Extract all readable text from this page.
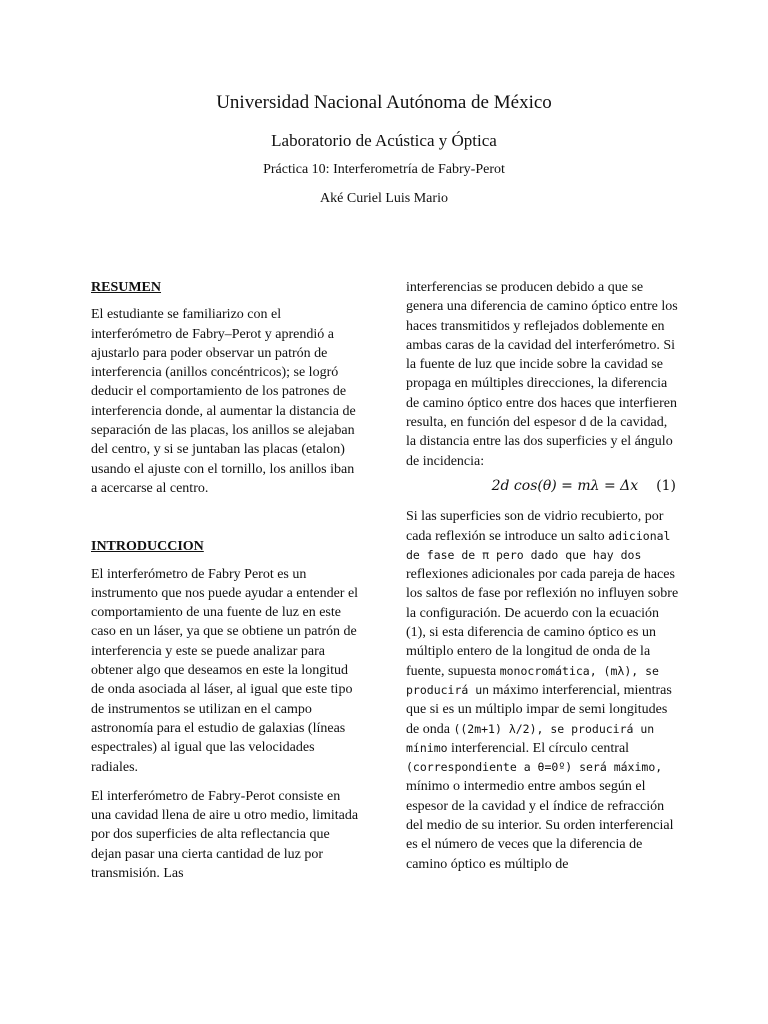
Universidad Nacional Autónoma de México
Laboratorio de Acústica y Óptica
Práctica 10: Interferometría de Fabry-Perot
Aké Curiel Luis Mario

RESUMEN

El estudiante se familiarizo con el interferómetro de Fabry–Perot y aprendió a ajustarlo para poder observar un patrón de interferencia (anillos concéntricos); se logró deducir el comportamiento de los patrones de interferencia donde, al aumentar la distancia de separación de las placas, los anillos se alejaban del centro, y si se juntaban las placas (etalon) usando el ajuste con el tornillo, los anillos iban a acercarse al centro.

INTRODUCCION

El interferómetro de Fabry Perot es un instrumento que nos puede ayudar a entender el comportamiento de una fuente de luz en este caso en un láser, ya que se obtiene un patrón de interferencia y este se puede analizar para obtener algo que deseamos en este la longitud de onda asociada al láser, al igual que este tipo de instrumentos se utilizan en el campo astronomía para el estudio de galaxias (líneas espectrales) al igual que las velocidades radiales.

El interferómetro de Fabry-Perot consiste en una cavidad llena de aire u otro medio, limitada por dos superficies de alta reflectancia que dejan pasar una cierta cantidad de luz por transmisión. Las

interferencias se producen debido a que se genera una diferencia de camino óptico entre los haces transmitidos y reflejados doblemente en ambas caras de la cavidad del interferómetro. Si la fuente de luz que incide sobre la cavidad se propaga en múltiples direcciones, la diferencia de camino óptico entre dos haces que interfieren resulta, en función del espesor d de la cavidad, la distancia entre las dos superficies y el ángulo de incidencia:

2d cos(θ) = mλ = Δx (1)

Si las superficies son de vidrio recubierto, por cada reflexión se introduce un salto adicional de fase de π pero dado que hay dos reflexiones adicionales por cada pareja de haces los saltos de fase por reflexión no influyen sobre la configuración. De acuerdo con la ecuación (1), si esta diferencia de camino óptico es un múltiplo entero de la longitud de onda de la fuente, supuesta monocromática, (mλ), se producirá un máximo interferencial, mientras que si es un múltiplo impar de semi longitudes de onda ((2m+1) λ/2), se producirá un mínimo interferencial. El círculo central (correspondiente a θ=0º) será máximo, mínimo o intermedio entre ambos según el espesor de la cavidad y el índice de refracción del medio de su interior. Su orden interferencial es el número de veces que la diferencia de camino óptico es múltiplo de
